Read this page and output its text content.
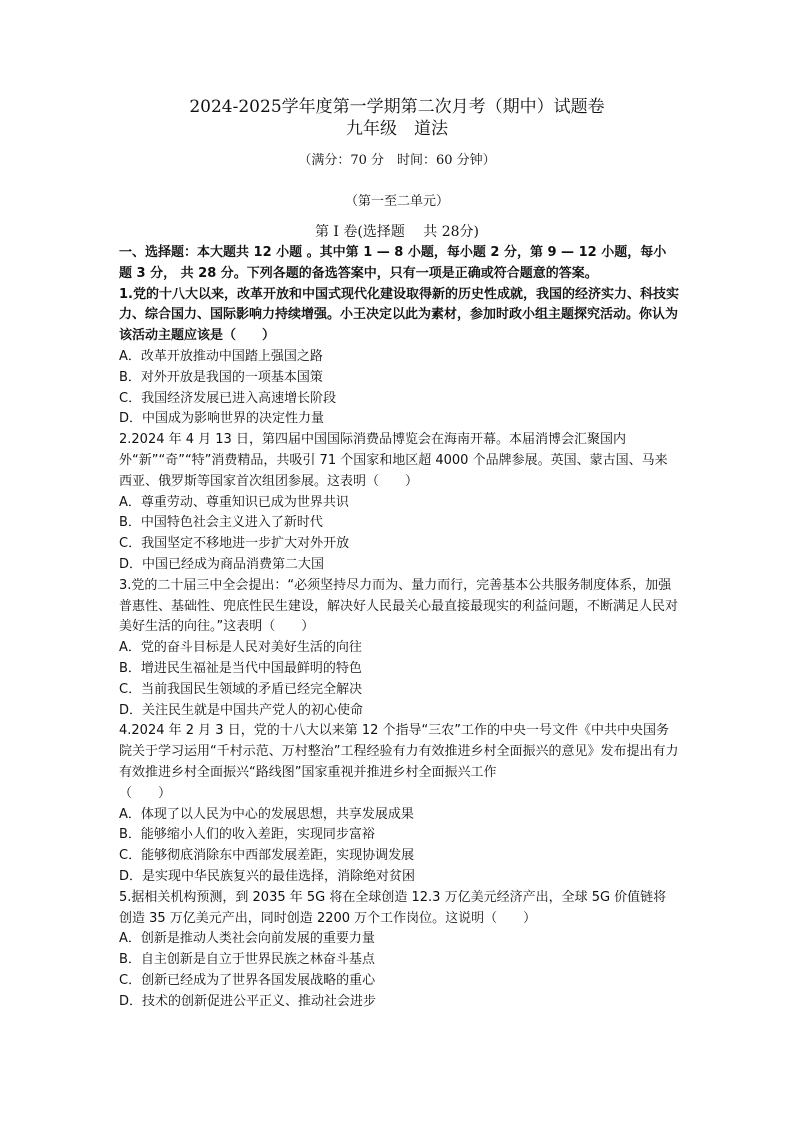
2024-2025学年度第一学期第二次月考（期中）试题卷
九年级　道法
（满分：70 分　时间：60 分钟）
（第一至二单元）
第 Ⅰ 卷(选择题　 共 28分)

一、选择题：本大题共 12 小题 。其中第 1 — 8 小题，每小题 2 分，第 9 — 12 小题，每小题 3 分， 共 28 分。下列各题的备选答案中，只有一项是正确或符合题意的答案。

1.党的十八大以来，改革开放和中国式现代化建设取得新的历史性成就，我国的经济实力、科技实力、综合国力、国际影响力持续增强。小王决定以此为素材，参加时政小组主题探究活动。你认为该活动主题应该是（　　）

A．改革开放推动中国踏上强国之路

B．对外开放是我国的一项基本国策

C．我国经济发展已进入高速增长阶段

D．中国成为影响世界的决定性力量

2.2024 年 4 月 13 日，第四届中国国际消费品博览会在海南开幕。本届消博会汇聚国内外“新”“奇”“特”消费精品，共吸引 71 个国家和地区超 4000 个品牌参展。英国、蒙古国、马来西亚、俄罗斯等国家首次组团参展。这表明（　　）

A．尊重劳动、尊重知识已成为世界共识

B．中国特色社会主义进入了新时代

C．我国坚定不移地进一步扩大对外开放

D．中国已经成为商品消费第二大国

3.党的二十届三中全会提出：“必须坚持尽力而为、量力而行，完善基本公共服务制度体系，加强普惠性、基础性、兜底性民生建设，解决好人民最关心最直接最现实的利益问题，不断满足人民对美好生活的向往。”这表明（　　）

A．党的奋斗目标是人民对美好生活的向往

B．增进民生福祉是当代中国最鲜明的特色

C．当前我国民生领域的矛盾已经完全解决

D．关注民生就是中国共产党人的初心使命

4.2024 年 2 月 3 日，党的十八大以来第 12 个指导“三农”工作的中央一号文件《中共中央国务院关于学习运用“千村示范、万村整治”工程经验有力有效推进乡村全面振兴的意见》发布提出有力有效推进乡村全面振兴“路线图”国家重视并推进乡村全面振兴工作

（　　）

A．体现了以人民为中心的发展思想，共享发展成果

B．能够缩小人们的收入差距，实现同步富裕

C．能够彻底消除东中西部发展差距，实现协调发展

D．是实现中华民族复兴的最佳选择，消除绝对贫困

5.据相关机构预测，到 2035 年 5G 将在全球创造 12.3 万亿美元经济产出，全球 5G 价值链将创造 35 万亿美元产出，同时创造 2200 万个工作岗位。这说明（　　）

A．创新是推动人类社会向前发展的重要力量

B．自主创新是自立于世界民族之林奋斗基点

C．创新已经成为了世界各国发展战略的重心

D．技术的创新促进公平正义、推动社会进步
